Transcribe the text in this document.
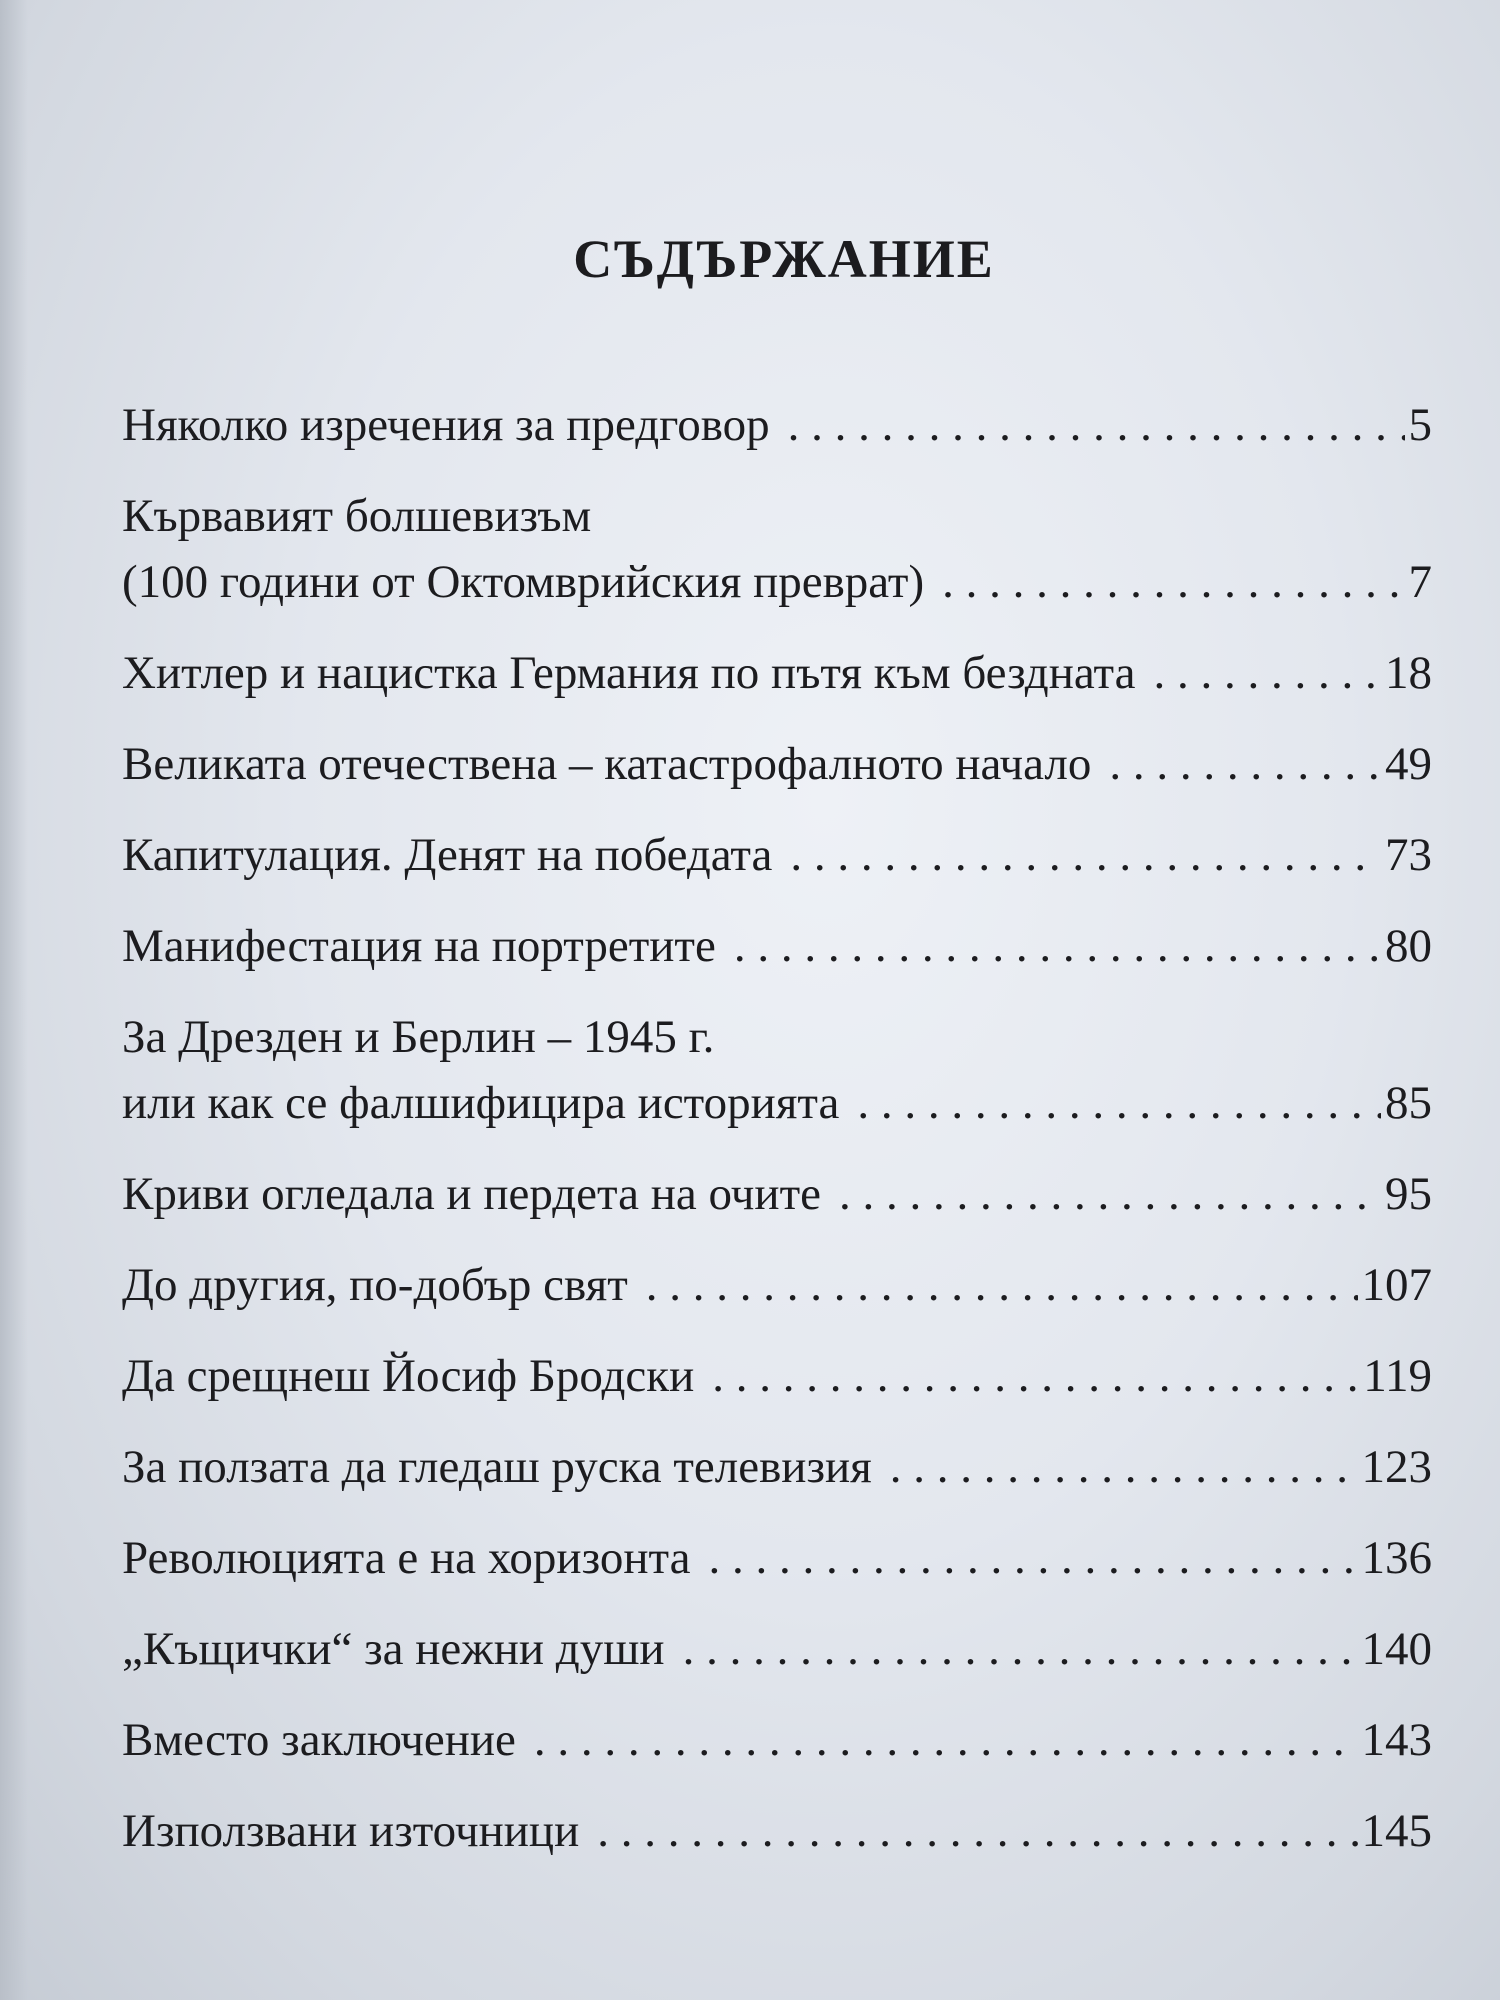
СЪДЪРЖАНИЕ
Няколко изречения за предговор . . .	5
Кървавият болшевизъм
(100 години от Октомврийския преврат) . . .	7
Хитлер и нацистка Германия по пътя към бездната . . .	18
Великата отечествена – катастрофалното начало . . .	49
Капитулация. Денят на победата . . .	73
Манифестация на портретите . . .	80
За Дрезден и Берлин – 1945 г.
или как се фалшифицира историята . . .	85
Криви огледала и пердета на очите . . .	95
До другия, по-добър свят . . .	107
Да срещнеш Йосиф Бродски . . .	119
За ползата да гледаш руска телевизия . . .	123
Революцията е на хоризонта . . .	136
„Къщички“ за нежни души . . .	140
Вместо заключение . . .	143
Използвани източници . . .	145
